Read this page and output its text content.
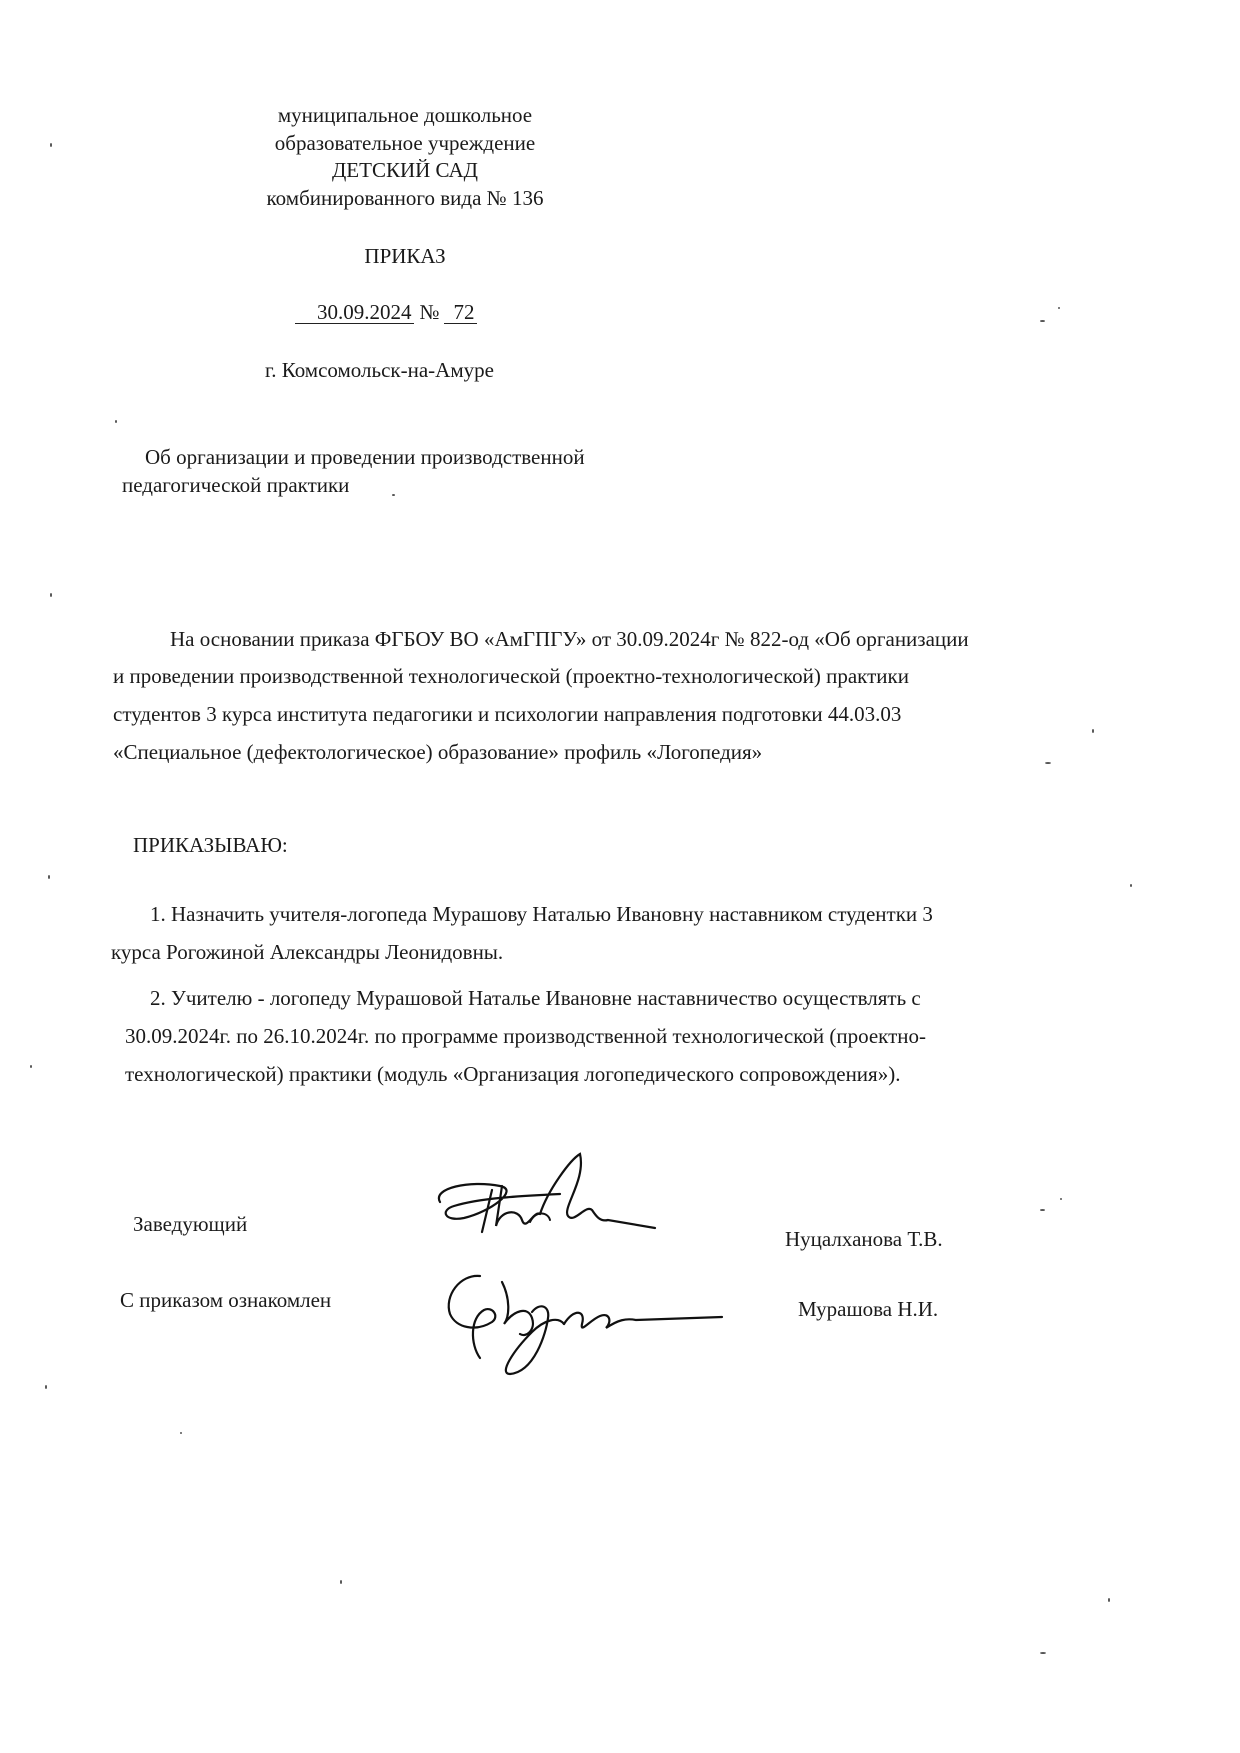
муниципальное дошкольное
образовательное учреждение
ДЕТСКИЙ САД
комбинированного вида № 136
ПРИКАЗ
30.09.2024 № 72
г. Комсомольск-на-Амуре
Об организации и проведении производственной
педагогической практики
На основании приказа ФГБОУ ВО «АмГПГУ» от 30.09.2024г № 822-од «Об организации
и проведении производственной технологической (проектно-технологической) практики
студентов 3 курса института педагогики и психологии направления подготовки 44.03.03
«Специальное (дефектологическое) образование» профиль «Логопедия»
ПРИКАЗЫВАЮ:
1. Назначить учителя-логопеда Мурашову Наталью Ивановну наставником студентки 3
курса Рогожиной Александры Леонидовны.
2. Учителю - логопеду Мурашовой Наталье Ивановне наставничество осуществлять с
30.09.2024г. по 26.10.2024г. по программе производственной технологической (проектно-
технологической) практики (модуль «Организация логопедического сопровождения»).
Заведующий
Нуцалханова Т.В.
С приказом ознакомлен	Мурашова Н.И.
